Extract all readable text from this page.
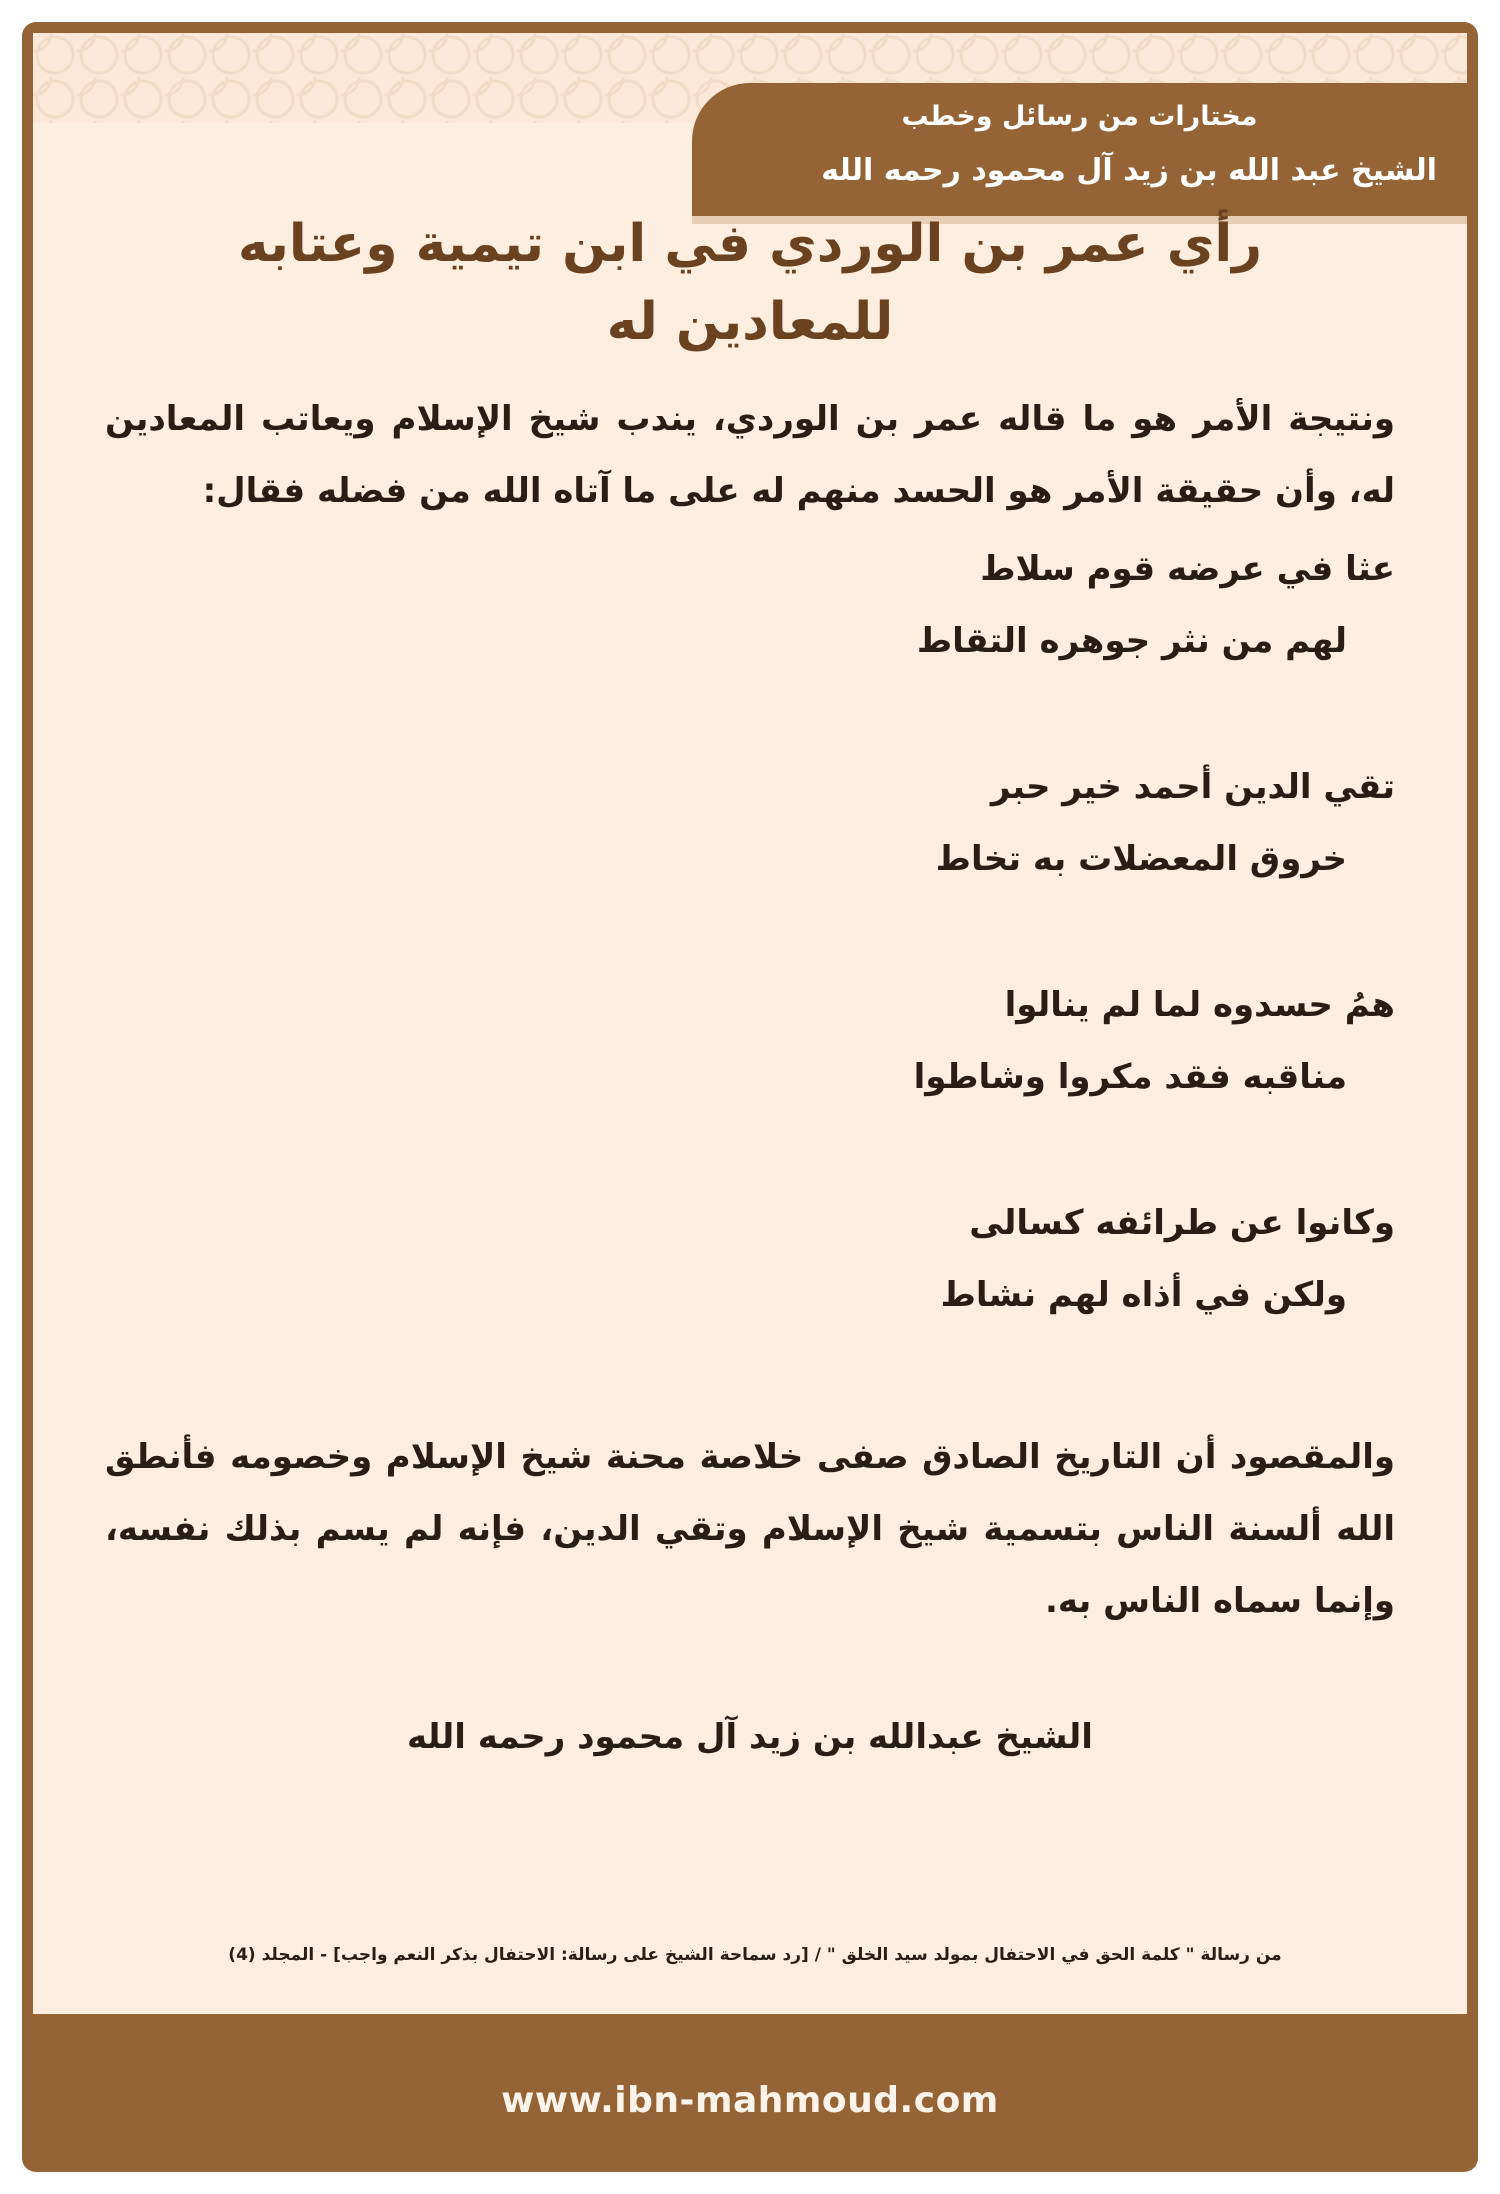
مختارات من رسائل وخطب
الشيخ عبد الله بن زيد آل محمود رحمه الله
رأي عمر بن الوردي في ابن تيمية وعتابه للمعادين له

ونتيجة الأمر هو ما قاله عمر بن الوردي، يندب شيخ الإسلام ويعاتب المعادين له، وأن حقيقة الأمر هو الحسد منهم له على ما آتاه الله من فضله فقال:

عثا في عرضه قوم سلاط
لهم من نثر جوهره التقاط
تقي الدين أحمد خير حبر
خروق المعضلات به تخاط
همُ حسدوه لما لم ينالوا
مناقبه فقد مكروا وشاطوا
وكانوا عن طرائفه كسالى
ولكن في أذاه لهم نشاط

والمقصود أن التاريخ الصادق صفى خلاصة محنة شيخ الإسلام وخصومه فأنطق الله ألسنة الناس بتسمية شيخ الإسلام وتقي الدين، فإنه لم يسم بذلك نفسه، وإنما سماه الناس به.

الشيخ عبدالله بن زيد آل محمود رحمه الله
من رسالة " كلمة الحق في الاحتفال بمولد سيد الخلق " / [رد سماحة الشيخ على رسالة: الاحتفال بذكر النعم واجب] - المجلد (4)
www.ibn-mahmoud.com
